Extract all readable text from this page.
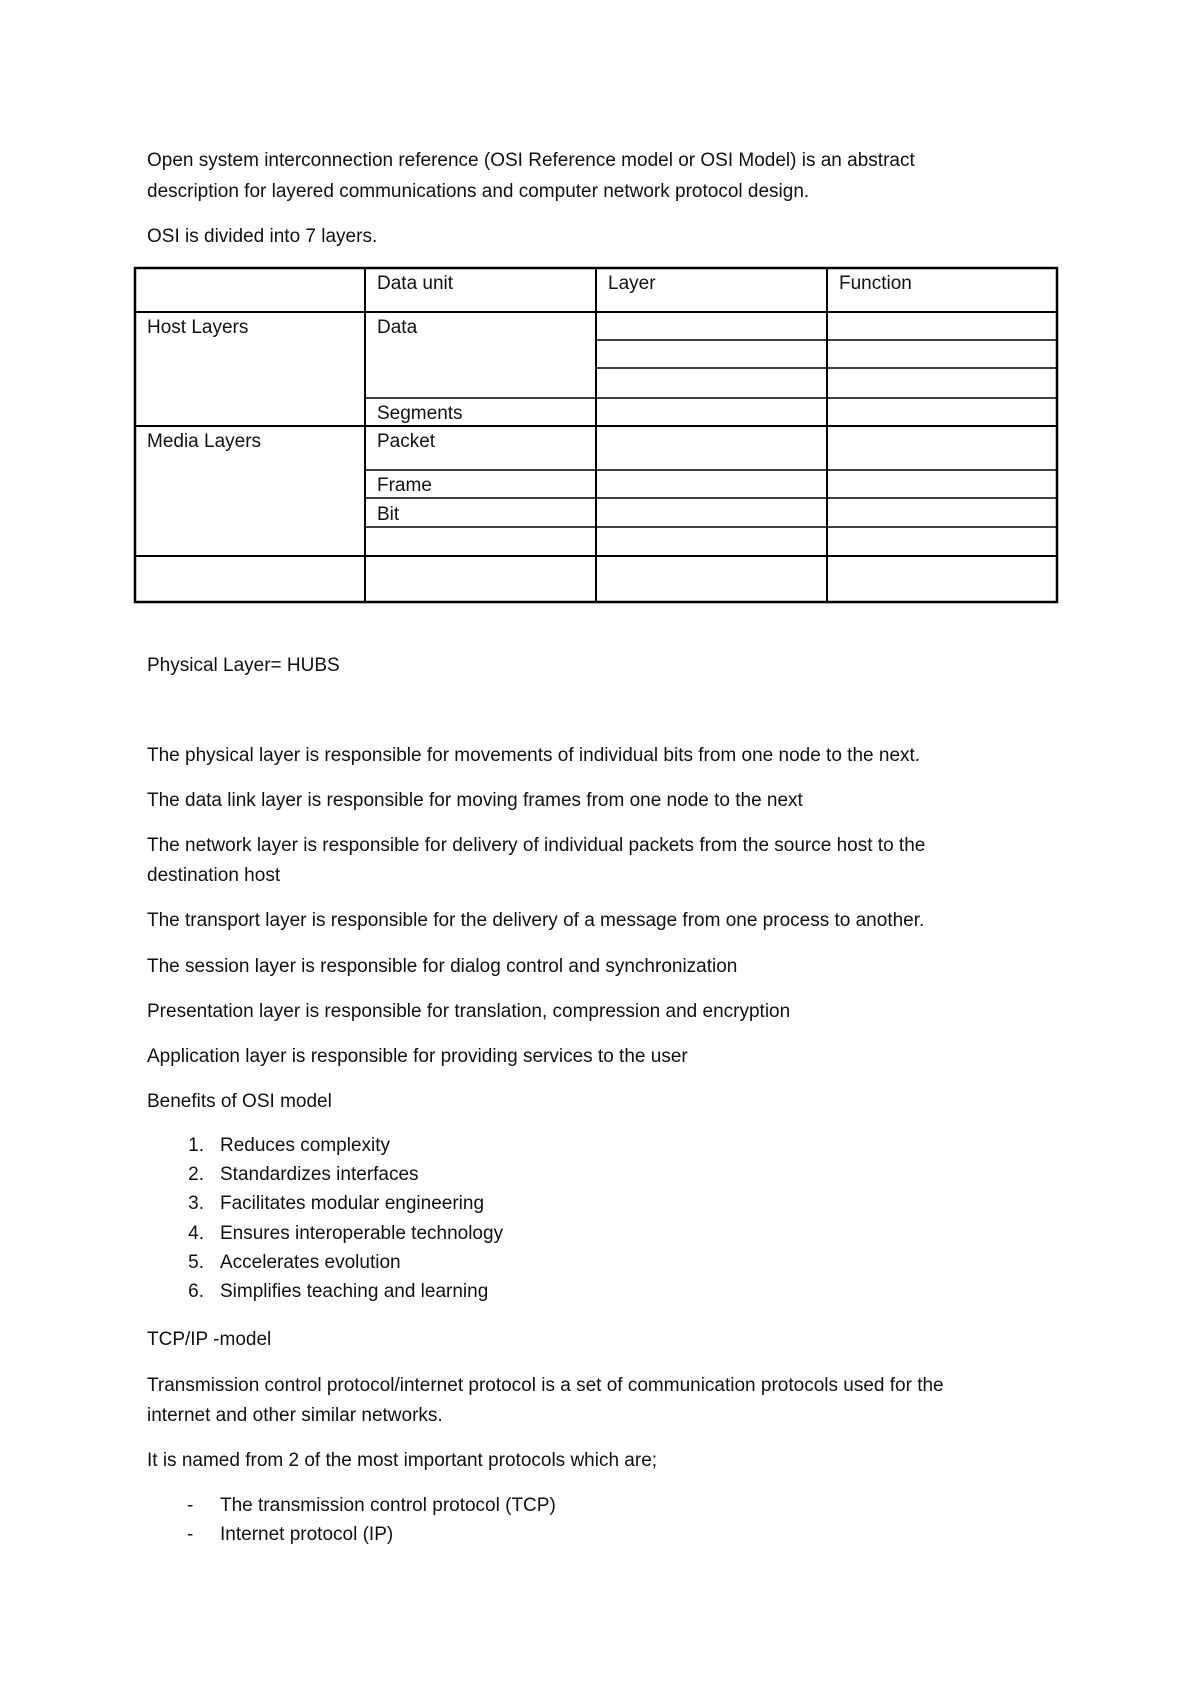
Open system interconnection reference (OSI Reference model or OSI Model) is an abstract

description for layered communications and computer network protocol design.

OSI is divided into 7 layers.

Data unit	Layer	Function
Host Layers
Media Layers
Data
Segments
Packet
Frame
Bit

Physical Layer= HUBS

The physical layer is responsible for movements of individual bits from one node to the next.

The data link layer is responsible for moving frames from one node to the next

The network layer is responsible for delivery of individual packets from the source host to the

destination host

The transport layer is responsible for the delivery of a message from one process to another.

The session layer is responsible for dialog control and synchronization

Presentation layer is responsible for translation, compression and encryption

Application layer is responsible for providing services to the user

Benefits of OSI model

1. Reduces complexity
2. Standardizes interfaces
3. Facilitates modular engineering
4. Ensures interoperable technology
5. Accelerates evolution
6. Simplifies teaching and learning

TCP/IP -model

Transmission control protocol/internet protocol is a set of communication protocols used for the

internet and other similar networks.

It is named from 2 of the most important protocols which are;

- The transmission control protocol (TCP)
- Internet protocol (IP)
